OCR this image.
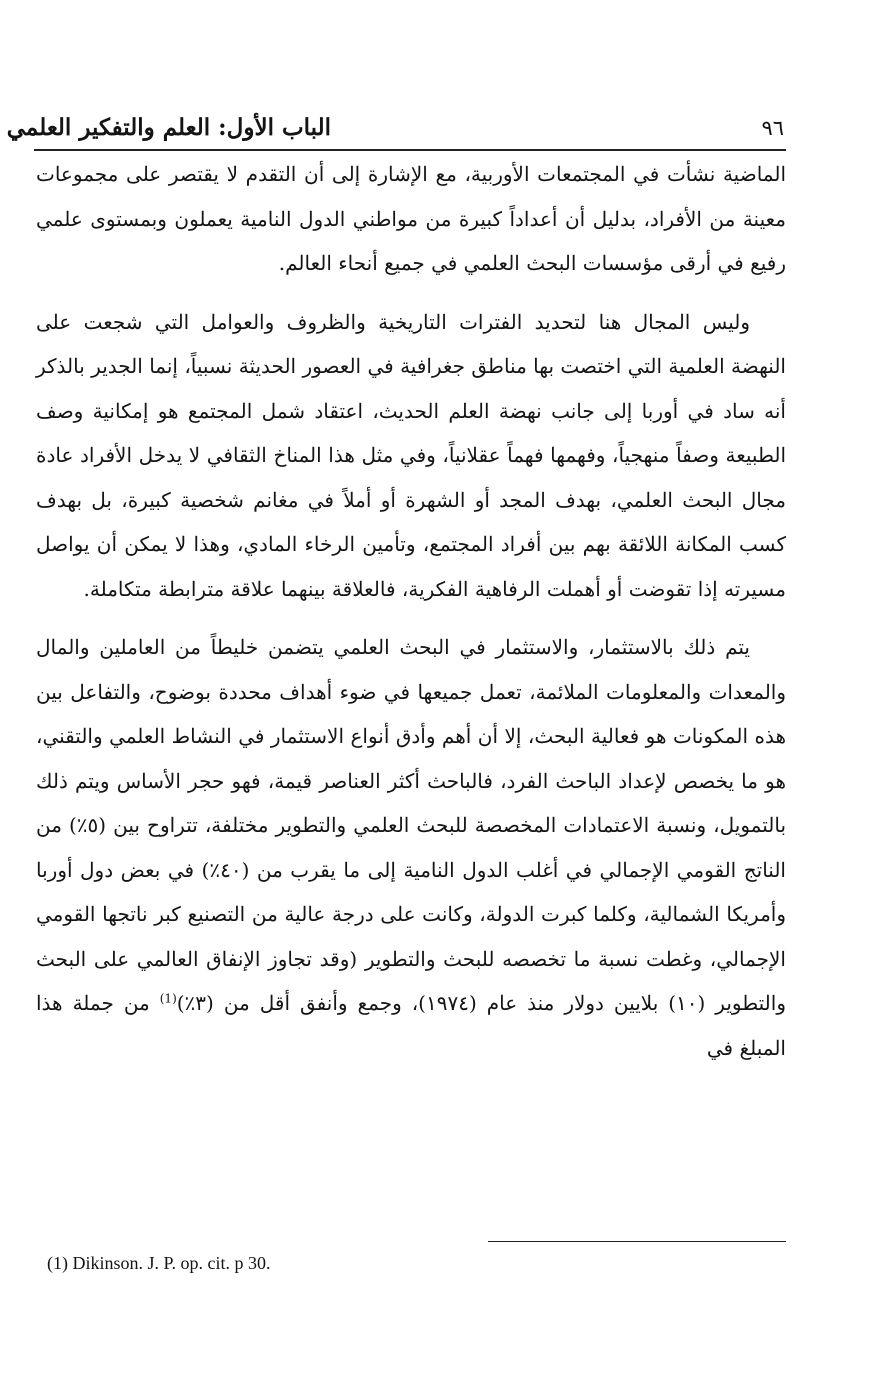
الباب الأول: العلم والتفكير العلمي	٩٦

الماضية نشأت في المجتمعات الأوربية، مع الإشارة إلى أن التقدم لا يقتصر على مجموعات معينة من الأفراد، بدليل أن أعداداً كبيرة من مواطني الدول النامية يعملون وبمستوى علمي رفيع في أرقى مؤسسات البحث العلمي في جميع أنحاء العالم.

وليس المجال هنا لتحديد الفترات التاريخية والظروف والعوامل التي شجعت على النهضة العلمية التي اختصت بها مناطق جغرافية في العصور الحديثة نسبياً، إنما الجدير بالذكر أنه ساد في أوربا إلى جانب نهضة العلم الحديث، اعتقاد شمل المجتمع هو إمكانية وصف الطبيعة وصفاً منهجياً، وفهمها فهماً عقلانياً، وفي مثل هذا المناخ الثقافي لا يدخل الأفراد عادة مجال البحث العلمي، بهدف المجد أو الشهرة أو أملاً في مغانم شخصية كبيرة، بل بهدف كسب المكانة اللائقة بهم بين أفراد المجتمع، وتأمين الرخاء المادي، وهذا لا يمكن أن يواصل مسيرته إذا تقوضت أو أهملت الرفاهية الفكرية، فالعلاقة بينهما علاقة مترابطة متكاملة.

يتم ذلك بالاستثمار، والاستثمار في البحث العلمي يتضمن خليطاً من العاملين والمال والمعدات والمعلومات الملائمة، تعمل جميعها في ضوء أهداف محددة بوضوح، والتفاعل بين هذه المكونات هو فعالية البحث، إلا أن أهم وأدق أنواع الاستثمار في النشاط العلمي والتقني، هو ما يخصص لإعداد الباحث الفرد، فالباحث أكثر العناصر قيمة، فهو حجر الأساس ويتم ذلك بالتمويل، ونسبة الاعتمادات المخصصة للبحث العلمي والتطوير مختلفة، تتراوح بين (٥٪) من الناتج القومي الإجمالي في أغلب الدول النامية إلى ما يقرب من (٤٠٪) في بعض دول أوربا وأمريكا الشمالية، وكلما كبرت الدولة، وكانت على درجة عالية من التصنيع كبر ناتجها القومي الإجمالي، وغطت نسبة ما تخصصه للبحث والتطوير (وقد تجاوز الإنفاق العالمي على البحث والتطوير (١٠) بلايين دولار منذ عام (١٩٧٤)، وجمع وأنفق أقل من (٣٪)$^{(1)}$ من جملة هذا المبلغ في

(1) Dikinson. J. P. op. cit. p 30.
